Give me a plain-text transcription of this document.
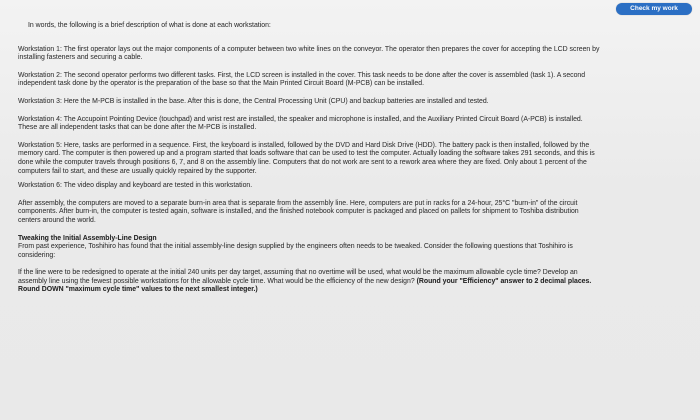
Check my work

In words, the following is a brief description of what is done at each workstation:

Workstation 1: The first operator lays out the major components of a computer between two white lines on the conveyor. The operator then prepares the cover for accepting the LCD screen by installing fasteners and securing a cable.

Workstation 2: The second operator performs two different tasks. First, the LCD screen is installed in the cover. This task needs to be done after the cover is assembled (task 1). A second independent task done by the operator is the preparation of the base so that the Main Printed Circuit Board (M-PCB) can be installed.

Workstation 3: Here the M-PCB is installed in the base. After this is done, the Central Processing Unit (CPU) and backup batteries are installed and tested.

Workstation 4: The Accupoint Pointing Device (touchpad) and wrist rest are installed, the speaker and microphone is installed, and the Auxiliary Printed Circuit Board (A-PCB) is installed. These are all independent tasks that can be done after the M-PCB is installed.

Workstation 5: Here, tasks are performed in a sequence. First, the keyboard is installed, followed by the DVD and Hard Disk Drive (HDD). The battery pack is then installed, followed by the memory card. The computer is then powered up and a program started that loads software that can be used to test the computer. Actually loading the software takes 291 seconds, and this is done while the computer travels through positions 6, 7, and 8 on the assembly line. Computers that do not work are sent to a rework area where they are fixed. Only about 1 percent of the computers fail to start, and these are usually quickly repaired by the supporter.

Workstation 6: The video display and keyboard are tested in this workstation.

After assembly, the computers are moved to a separate burn-in area that is separate from the assembly line. Here, computers are put in racks for a 24-hour, 25°C "burn-in" of the circuit components. After burn-in, the computer is tested again, software is installed, and the finished notebook computer is packaged and placed on pallets for shipment to Toshiba distribution centers around the world.

Tweaking the Initial Assembly-Line Design
From past experience, Toshihiro has found that the initial assembly-line design supplied by the engineers often needs to be tweaked. Consider the following questions that Toshihiro is considering:

If the line were to be redesigned to operate at the initial 240 units per day target, assuming that no overtime will be used, what would be the maximum allowable cycle time? Develop an assembly line using the fewest possible workstations for the allowable cycle time. What would be the efficiency of the new design? (Round your "Efficiency" answer to 2 decimal places. Round DOWN "maximum cycle time" values to the next smallest integer.)
